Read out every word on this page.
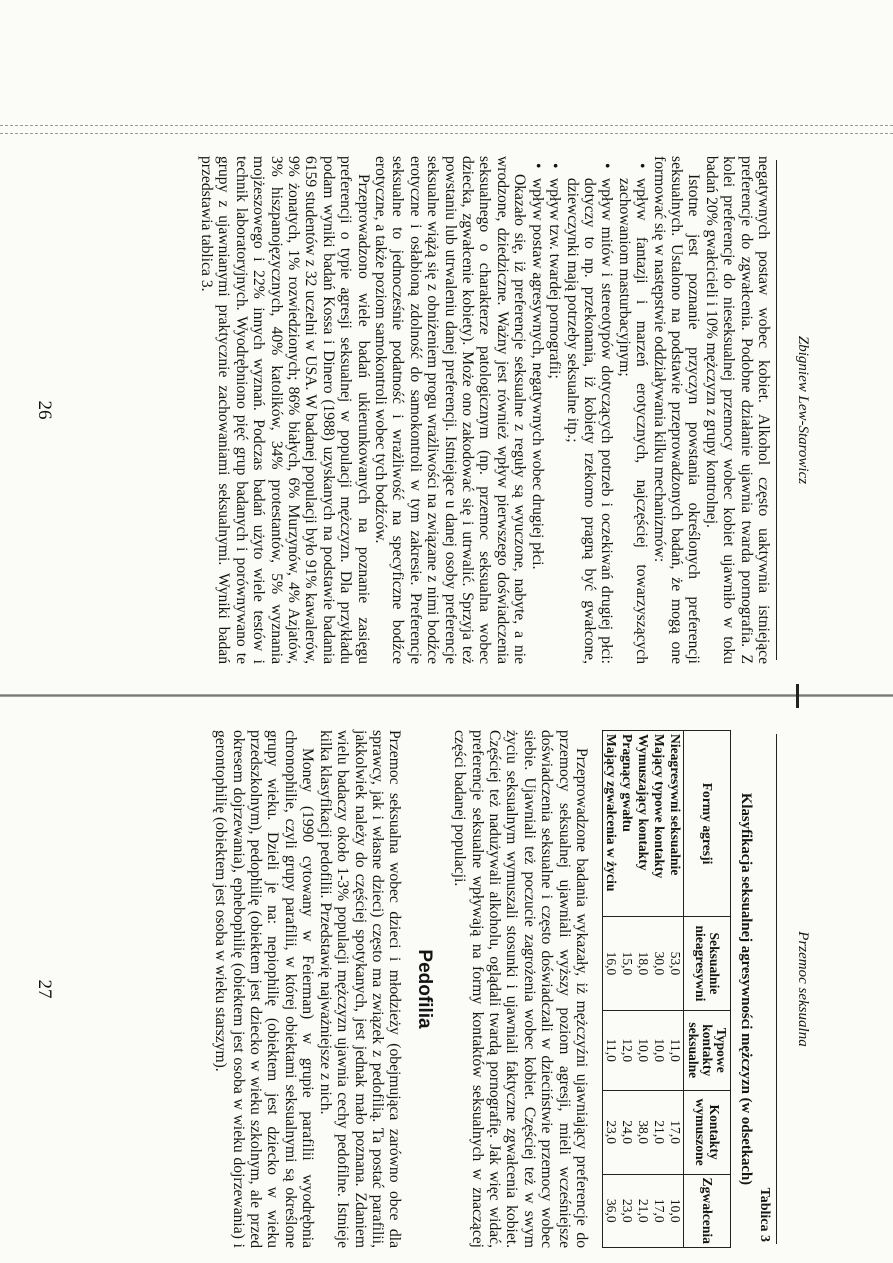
Zbigniew Lew-Starowicz

negatywnych postaw wobec kobiet. Alkohol często uaktywnia istniejące preferencje do zgwałcenia. Podobne działanie ujawnia twarda pornografia. Z kolei preferencje do nieseksualnej przemocy wobec kobiet ujawniło w toku badań 20% gwałcicieli i 10% mężczyzn z grupy kontrolnej.

Istotne jest poznanie przyczyn powstania określonych preferencji seksualnych. Ustalono na podstawie przeprowadzonych badań, że mogą one formować się w następstwie oddziaływania kilku mechanizmów:

• wpływ fantazji i marzeń erotycznych, najczęściej towarzyszących zachowaniom masturbacyjnym;
• wpływ mitów i stereotypów dotyczących potrzeb i oczekiwań drugiej płci: dotyczy to np. przekonania, iż kobiety rzekomo pragną być gwałcone, dziewczynki mają potrzeby seksualne itp.;
• wpływ tzw. twardej pornografii;
• wpływ postaw agresywnych, negatywnych wobec drugiej płci.

Okazało się, iż preferencje seksualne z reguły są wyuczone, nabyte, a nie wrodzone, dziedziczne. Ważny jest również wpływ pierwszego doświadczenia seksualnego o charakterze patologicznym (np. przemoc seksualna wobec dziecka, zgwałcenie kobiety). Może ono zakodować się i utrwalić. Sprzyja też powstaniu lub utrwaleniu danej preferencji. Istniejące u danej osoby preferencje seksualne wiążą się z obniżeniem progu wrażliwości na związane z nimi bodźce erotyczne i osłabioną zdolność do samokontroli w tym zakresie. Preferencje seksualne to jednocześnie podatność i wrażliwość na specyficzne bodźce erotyczne, a także poziom samokontroli wobec tych bodźców.

Przeprowadzono wiele badań ukierunkowanych na poznanie zasięgu preferencji o typie agresji seksualnej w populacji mężczyzn. Dla przykładu podam wyniki badań Kossa i Dinero (1988) uzyskanych na podstawie badania 6159 studentów z 32 uczelni w USA. W badanej populacji było 91% kawalerów, 9% żonatych, 1% rozwiedzionych; 86% białych, 6% Murzynów, 4% Azjatów, 3% hiszpanojęzycznych, 40% katolików, 34% protestantów, 5% wyznania mojżeszowego i 22% innych wyznań. Podczas badań użyto wiele testów i technik laboratoryjnych. Wyodrębniono pięć grup badanych i porównywano te grupy z ujawnianymi praktycznie zachowaniami seksualnymi. Wyniki badań przedstawia tablica 3.

26
Przemoc seksualna
Tablica 3
Klasyfikacja seksualnej agresywności mężczyzn (w odsetkach)
Formy agresji	Seksualnie nieagresywni	Typowe kontakty seksualne	Kontakty wymuszone	Zgwałcenia
Nieagresywni seksualnie	53,0	11,0	17,0	10,0
Mający typowe kontakty	30,0	10,0	21,0	17,0
Wymuszający kontakty	18,0	10,0	38,0	21,0
Pragnący gwałtu	15,0	12,0	24,0	23,0
Mający zgwałcenia w życiu	16,0	11,0	23,0	36,0

Przeprowadzone badania wykazały, iż mężczyźni ujawniający preferencje do przemocy seksualnej ujawniali wyższy poziom agresji, mieli wcześniejsze doświadczenia seksualne i często doświadczali w dzieciństwie przemocy wobec siebie. Ujawniali też poczucie zagrożenia wobec kobiet. Częściej też w swym życiu seksualnym wymuszali stosunki i ujawniali faktyczne zgwałcenia kobiet. Częściej też nadużywali alkoholu, oglądali twardą pornografię. Jak więc widać, preferencje seksualne wpływają na formy kontaktów seksualnych w znaczącej części badanej populacji.

Pedofilia

Przemoc seksualna wobec dzieci i młodzieży (obejmująca zarówno obce dla sprawcy, jak i własne dzieci) często ma związek z pedofilią. Ta postać parafilii, jakkolwiek należy do częściej spotykanych, jest jednak mało poznana. Zdaniem wielu badaczy około 1-3% populacji mężczyzn ujawnia cechy pedofilne. Istnieje kilka klasyfikacji pedofilii. Przedstawię najważniejsze z nich.

Money (1990 cytowany w Feierman) w grupie parafilii wyodrębnia chronophilie, czyli grupy parafilii, w której obiektami seksualnymi są określone grupy wieku. Dzieli je na: nepiophilię (obiektem jest dziecko w wieku przedszkolnym), pedophilię (obiektem jest dziecko w wieku szkolnym, ale przed okresem dojrzewania), ephebophilię (obiektem jest osoba w wieku dojrzewania) i gerontophilię (obiektem jest osoba w wieku starszym).

27
